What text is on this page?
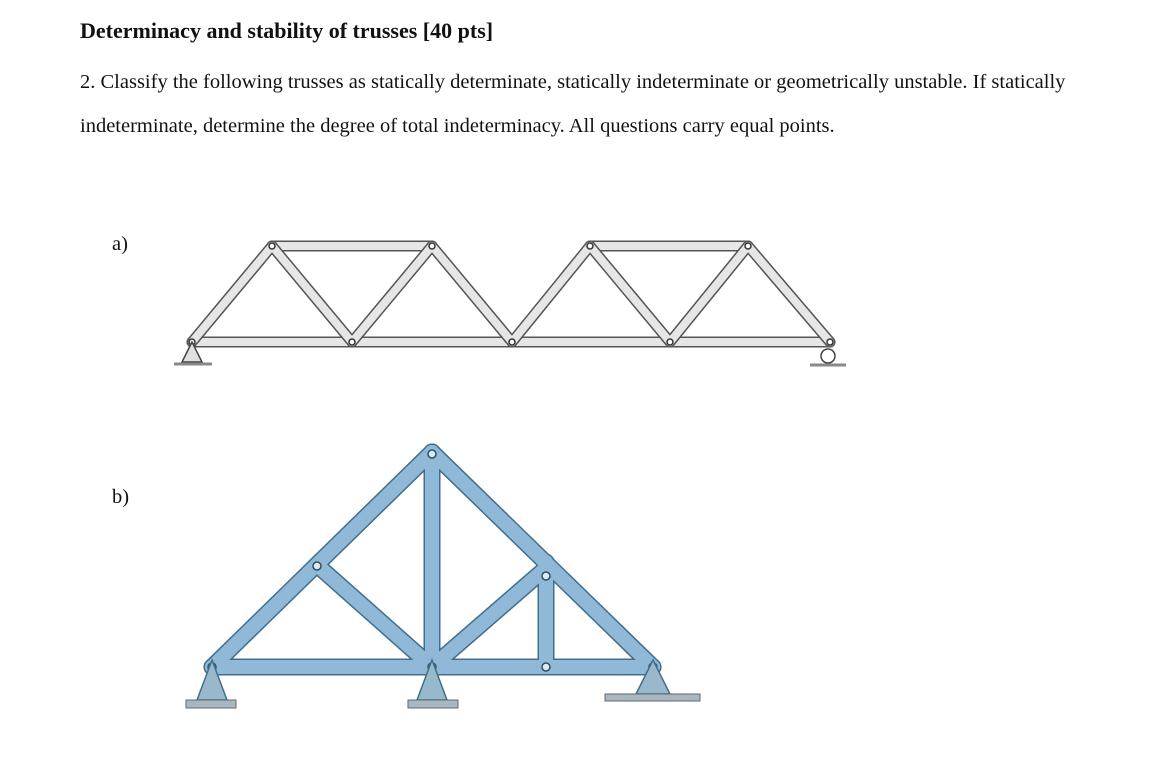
Determinacy and stability of trusses [40 pts]
2. Classify the following trusses as statically determinate, statically indeterminate or geometrically unstable. If statically indeterminate, determine the degree of total indeterminacy. All questions carry equal points.
a)
b)
